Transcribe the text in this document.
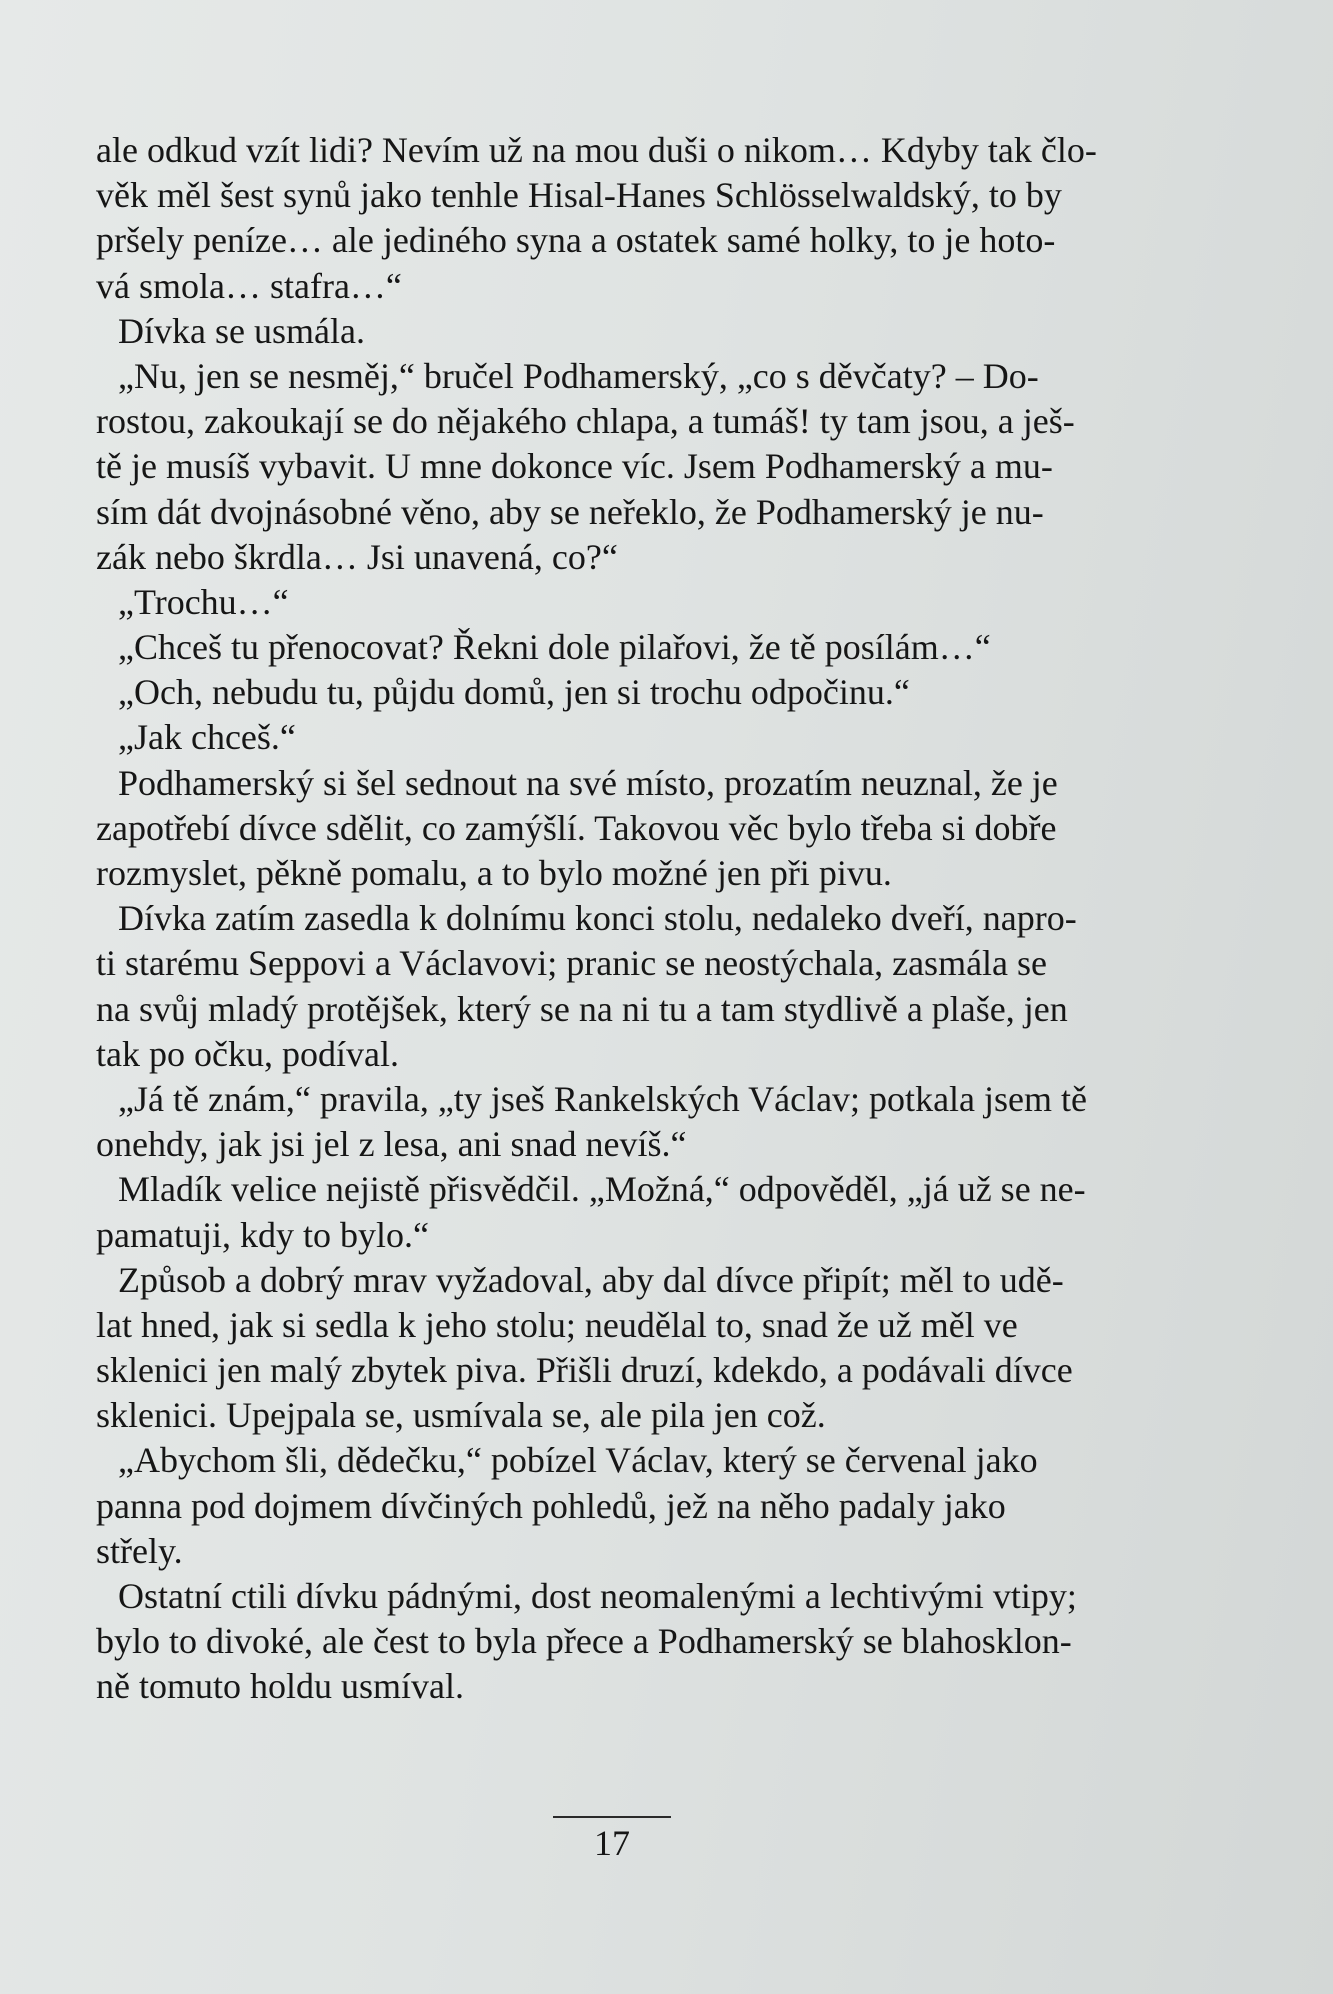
ale odkud vzít lidi? Nevím už na mou duši o nikom… Kdyby tak člo-
věk měl šest synů jako tenhle Hisal-Hanes Schlösselwaldský, to by
pršely peníze… ale jediného syna a ostatek samé holky, to je hoto-
vá smola… stafra…“
Dívka se usmála.
„Nu, jen se nesměj,“ bručel Podhamerský, „co s děvčaty? – Do-
rostou, zakoukají se do nějakého chlapa, a tumáš! ty tam jsou, a ješ-
tě je musíš vybavit. U mne dokonce víc. Jsem Podhamerský a mu-
sím dát dvojnásobné věno, aby se neřeklo, že Podhamerský je nu-
zák nebo škrdla… Jsi unavená, co?“
„Trochu…“
„Chceš tu přenocovat? Řekni dole pilařovi, že tě posílám…“
„Och, nebudu tu, půjdu domů, jen si trochu odpočinu.“
„Jak chceš.“
Podhamerský si šel sednout na své místo, prozatím neuznal, že je
zapotřebí dívce sdělit, co zamýšlí. Takovou věc bylo třeba si dobře
rozmyslet, pěkně pomalu, a to bylo možné jen při pivu.
Dívka zatím zasedla k dolnímu konci stolu, nedaleko dveří, napro-
ti starému Seppovi a Václavovi; pranic se neostýchala, zasmála se
na svůj mladý protějšek, který se na ni tu a tam stydlivě a plaše, jen
tak po očku, podíval.
„Já tě znám,“ pravila, „ty jseš Rankelských Václav; potkala jsem tě
onehdy, jak jsi jel z lesa, ani snad nevíš.“
Mladík velice nejistě přisvědčil. „Možná,“ odpověděl, „já už se ne-
pamatuji, kdy to bylo.“
Způsob a dobrý mrav vyžadoval, aby dal dívce připít; měl to udě-
lat hned, jak si sedla k jeho stolu; neudělal to, snad že už měl ve
sklenici jen malý zbytek piva. Přišli druzí, kdekdo, a podávali dívce
sklenici. Upejpala se, usmívala se, ale pila jen což.
„Abychom šli, dědečku,“ pobízel Václav, který se červenal jako
panna pod dojmem dívčiných pohledů, jež na něho padaly jako
střely.
Ostatní ctili dívku pádnými, dost neomalenými a lechtivými vtipy;
bylo to divoké, ale čest to byla přece a Podhamerský se blahosklon-
ně tomuto holdu usmíval.
17
